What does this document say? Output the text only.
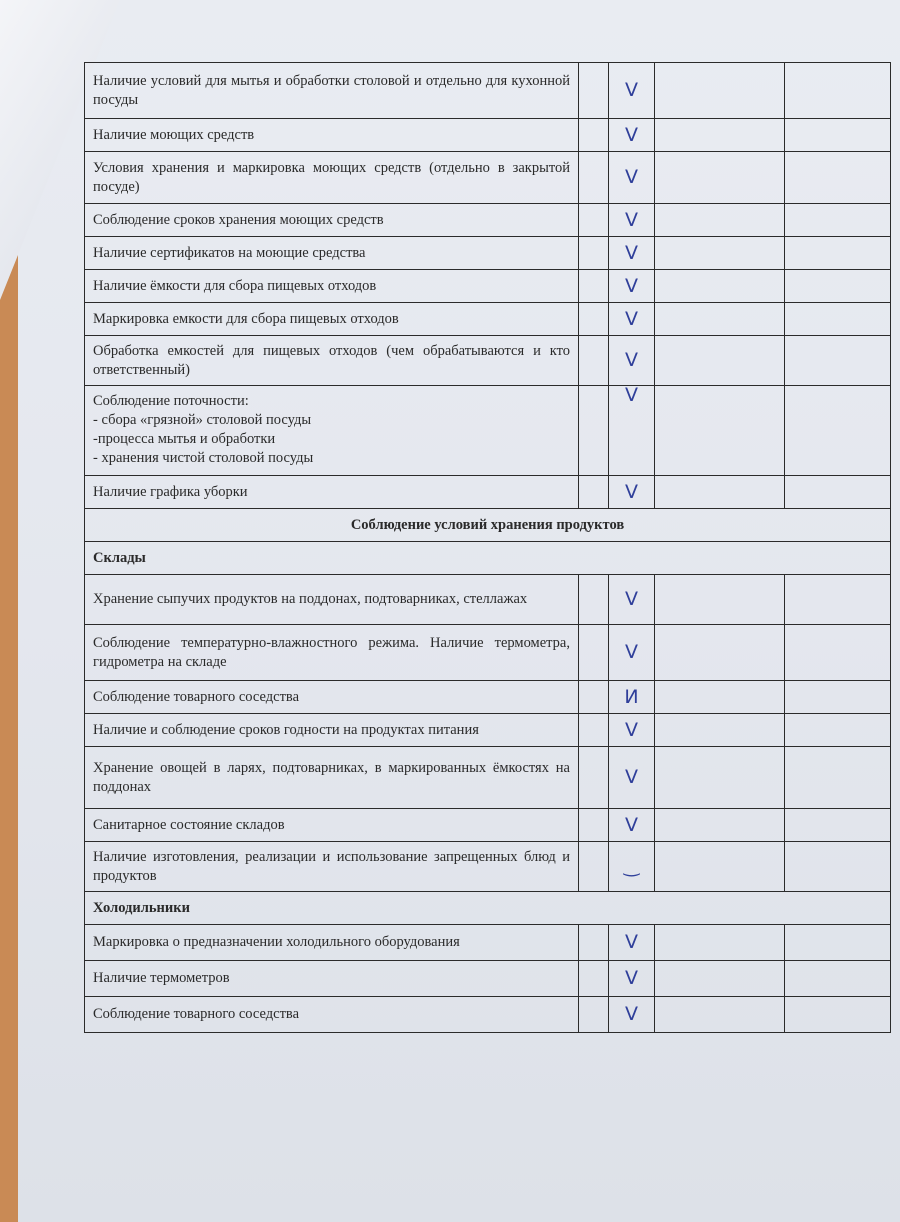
Наличие условий для мытья и обработки столовой и отдельно для кухонной посуды		V		
Наличие моющих средств		V		
Условия хранения и маркировка моющих средств (отдельно в закрытой посуде)		V		
Соблюдение сроков хранения моющих средств		V		
Наличие сертификатов на моющие средства		V		
Наличие ёмкости для сбора пищевых отходов		V		
Маркировка емкости для сбора пищевых отходов		V		
Обработка емкостей для пищевых отходов (чем обрабатываются и кто ответственный)		V		

Соблюдение поточности:
- сбора «грязной» столовой посуды
-процесса мытья и обработки
- хранения чистой столовой посуды		V		
Наличие графика уборки		V		
Соблюдение условий хранения продуктов				
Склады				
Хранение сыпучих продуктов на поддонах, подтоварниках, стеллажах		V		
Соблюдение температурно-влажностного режима. Наличие термометра, гидрометра на складе		V		
Соблюдение товарного соседства		И		
Наличие и соблюдение сроков годности на продуктах питания		V		
Хранение овощей в ларях, подтоварниках, в маркированных ёмкостях на поддонах		V		
Санитарное состояние складов		V		
Наличие изготовления, реализации и использование запрещенных блюд и продуктов		‿		
Холодильники				
Маркировка о предназначении холодильного оборудования		V		
Наличие термометров		V		
Соблюдение товарного соседства		V		
